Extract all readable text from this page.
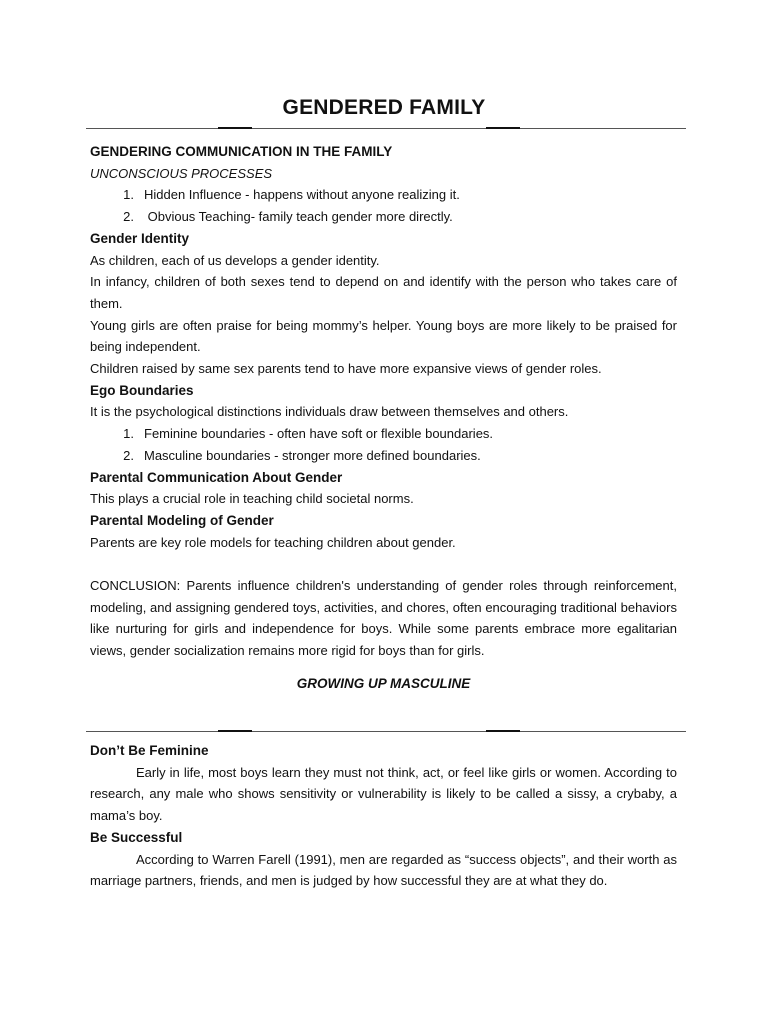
GENDERED FAMILY
GENDERING COMMUNICATION IN THE FAMILY
UNCONSCIOUS PROCESSES
1. Hidden Influence - happens without anyone realizing it.
2. Obvious Teaching- family teach gender more directly.
Gender Identity

As children, each of us develops a gender identity.

In infancy, children of both sexes tend to depend on and identify with the person who takes care of them.

Young girls are often praise for being mommy’s helper. Young boys are more likely to be praised for being independent.

Children raised by same sex parents tend to have more expansive views of gender roles.

Ego Boundaries

It is the psychological distinctions individuals draw between themselves and others.

1. Feminine boundaries - often have soft or flexible boundaries.
2. Masculine boundaries - stronger more defined boundaries.
Parental Communication About Gender

This plays a crucial role in teaching child societal norms.

Parental Modeling of Gender

Parents are key role models for teaching children about gender.

CONCLUSION: Parents influence children's understanding of gender roles through reinforcement, modeling, and assigning gendered toys, activities, and chores, often encouraging traditional behaviors like nurturing for girls and independence for boys. While some parents embrace more egalitarian views, gender socialization remains more rigid for boys than for girls.

GROWING UP MASCULINE
Don’t Be Feminine

Early in life, most boys learn they must not think, act, or feel like girls or women. According to research, any male who shows sensitivity or vulnerability is likely to be called a sissy, a crybaby, a mama’s boy.

Be Successful

According to Warren Farell (1991), men are regarded as “success objects”, and their worth as marriage partners, friends, and men is judged by how successful they are at what they do.
